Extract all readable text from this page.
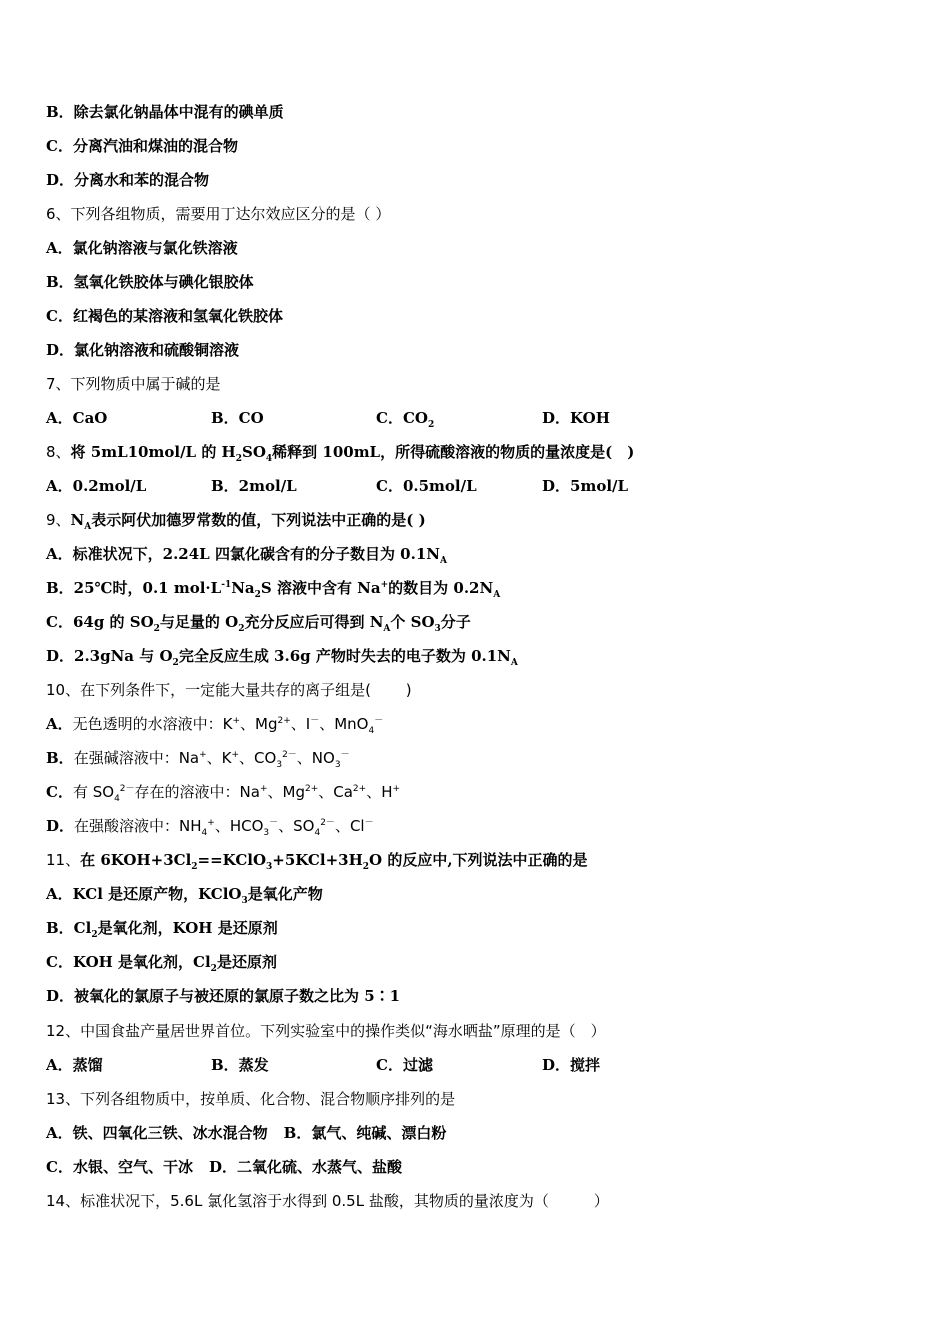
B．除去氯化钠晶体中混有的碘单质
C．分离汽油和煤油的混合物
D．分离水和苯的混合物
6、下列各组物质，需要用丁达尔效应区分的是（ ）
A．氯化钠溶液与氯化铁溶液
B．氢氧化铁胶体与碘化银胶体
C．红褐色的某溶液和氢氧化铁胶体
D．氯化钠溶液和硫酸铜溶液
7、下列物质中属于碱的是
A．CaO	B．CO	C．$CO_2$	D．KOH
8、将 5mL10mol/L 的 $H_2SO_4$稀释到 100mL，所得硫酸溶液的物质的量浓度是(　)
A．0.2mol/L	B．2mol/L	C．0.5mol/L	D．5mol/L
9、$N_A$表示阿伏加德罗常数的值，下列说法中正确的是( )
A．标准状况下，2.24L 四氯化碳含有的分子数目为 $0.1N_A$
B．25℃时，0.1 $mol\cdot L^{-1}Na_2S$ 溶液中含有 Na+的数目为 $0.2N_A$
C．64g 的 $SO_2$与足量的 $O_2$充分反应后可得到 $N_A$个 $SO_3$分子
D．2.3gNa 与 $O_2$完全反应生成 3.6g 产物时失去的电子数为 $0.1N_A$
10、在下列条件下，一定能大量共存的离子组是(　　 )
A．无色透明的水溶液中：K+、$Mg^{2+}$、I－、MnO$_4$－
B．在强碱溶液中：Na+、K+、$CO_3^{2-}$、$NO_3^-$
C．有 $SO_4^{2-}$存在的溶液中：Na+、$Mg^{2+}$、$Ca^{2+}$、H+
D．在强酸溶液中：$NH_4^+$、$HCO_3^-$、$SO_4^{2-}$、Cl－
11、在 $6KOH+3Cl_2==KClO_3+5KCl+3H_2O$ 的反应中,下列说法中正确的是
A．KCl 是还原产物，KClO$_3$是氧化产物
B．$Cl_2$是氧化剂，KOH 是还原剂
C．KOH 是氧化剂，$Cl_2$是还原剂
D．被氧化的氯原子与被还原的氯原子数之比为 5∶1
12、中国食盐产量居世界首位。下列实验室中的操作类似“海水晒盐”原理的是（　）
A．蒸馏	B．蒸发	C．过滤	D．搅拌
13、下列各组物质中，按单质、化合物、混合物顺序排列的是
A．铁、四氧化三铁、冰水混合物 B．氯气、纯碱、漂白粉
C．水银、空气、干冰 D．二氧化硫、水蒸气、盐酸
14、标准状况下，5.6L 氯化氢溶于水得到 0.5L 盐酸，其物质的量浓度为（　　　）
